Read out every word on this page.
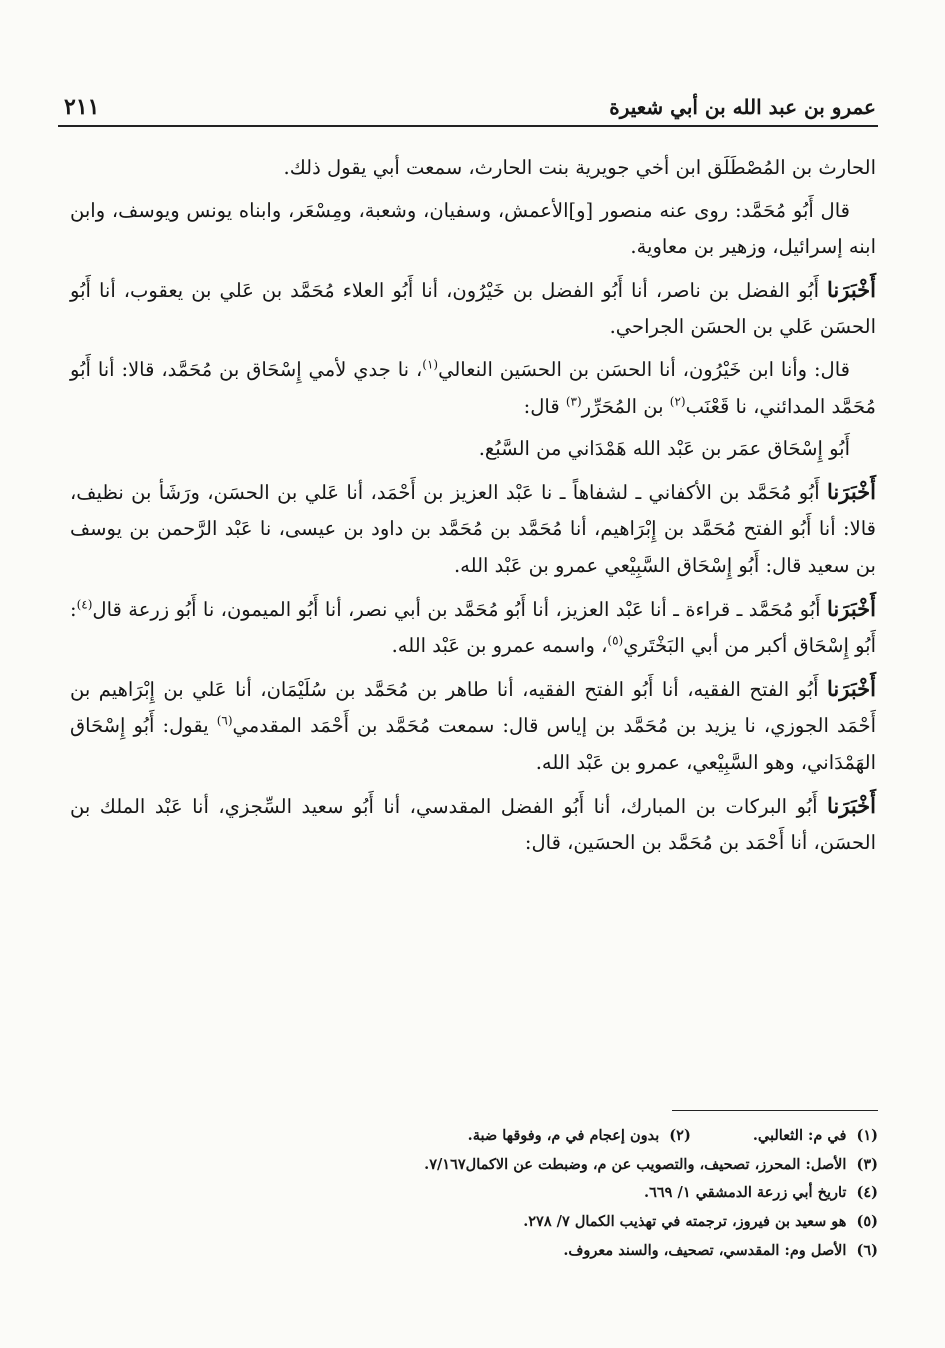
عمرو بن عبد الله بن أبي شعيرة
٢١١

الحارث بن المُصْطَلَق ابن أخي جويرية بنت الحارث، سمعت أبي يقول ذلك.

قال أَبُو مُحَمَّد: روى عنه منصور [و]الأعمش، وسفيان، وشعبة، ومِسْعَر، وابناه يونس ويوسف، وابن ابنه إسرائيل، وزهير بن معاوية.

أَخْبَرَنا أَبُو الفضل بن ناصر، أنا أَبُو الفضل بن خَيْرُون، أنا أَبُو العلاء مُحَمَّد بن عَلي بن يعقوب، أنا أَبُو الحسَن عَلي بن الحسَن الجراحي.

قال: وأنا ابن خَيْرُون، أنا الحسَن بن الحسَين النعالي$^{(١)}$، نا جدي لأمي إِسْحَاق بن مُحَمَّد، قالا: أنا أَبُو مُحَمَّد المدائني، نا قَعْنَب$^{(٢)}$ بن المُحَرِّر$^{(٣)}$ قال:

أَبُو إِسْحَاق عمَر بن عَبْد الله هَمْدَاني من السَّبُع.

أَخْبَرَنا أَبُو مُحَمَّد بن الأكفاني ـ لشفاهاً ـ نا عَبْد العزيز بن أَحْمَد، أنا عَلي بن الحسَن، ورَشَأ بن نظيف، قالا: أنا أَبُو الفتح مُحَمَّد بن إِبْرَاهيم، أنا مُحَمَّد بن مُحَمَّد بن داود بن عيسى، نا عَبْد الرَّحمن بن يوسف بن سعيد قال: أَبُو إِسْحَاق السَّبِيْعي عمرو بن عَبْد الله.

أَخْبَرَنا أَبُو مُحَمَّد ـ قراءة ـ أنا عَبْد العزيز، أنا أَبُو مُحَمَّد بن أبي نصر، أنا أَبُو الميمون، نا أَبُو زرعة قال$^{(٤)}$: أَبُو إِسْحَاق أكبر من أبي البَخْتَري$^{(٥)}$، واسمه عمرو بن عَبْد الله.

أَخْبَرَنا أَبُو الفتح الفقيه، أنا أَبُو الفتح الفقيه، أنا طاهر بن مُحَمَّد بن سُلَيْمَان، أنا عَلي بن إِبْرَاهيم بن أَحْمَد الجوزي، نا يزيد بن مُحَمَّد بن إياس قال: سمعت مُحَمَّد بن أَحْمَد المقدمي$^{(٦)}$ يقول: أَبُو إِسْحَاق الهَمْدَاني، وهو السَّبِيْعي، عمرو بن عَبْد الله.

أَخْبَرَنا أَبُو البركات بن المبارك، أنا أَبُو الفضل المقدسي، أنا أَبُو سعيد السِّجزي، أنا عَبْد الملك بن الحسَن، أنا أَحْمَد بن مُحَمَّد بن الحسَين، قال:

(١)
في م: الثعالبي.
(٢)
بدون إعجام في م، وفوقها ضبة.
(٣)
الأصل: المحرز، تصحيف، والتصويب عن م، وضبطت عن الاكمال٧/١٦٧.
(٤)
تاريخ أبي زرعة الدمشقي ١/ ٦٦٩.
(٥)
هو سعيد بن فيروز، ترجمته في تهذيب الكمال ٧/ ٢٧٨.
(٦)
الأصل وم: المقدسي، تصحيف، والسند معروف.
